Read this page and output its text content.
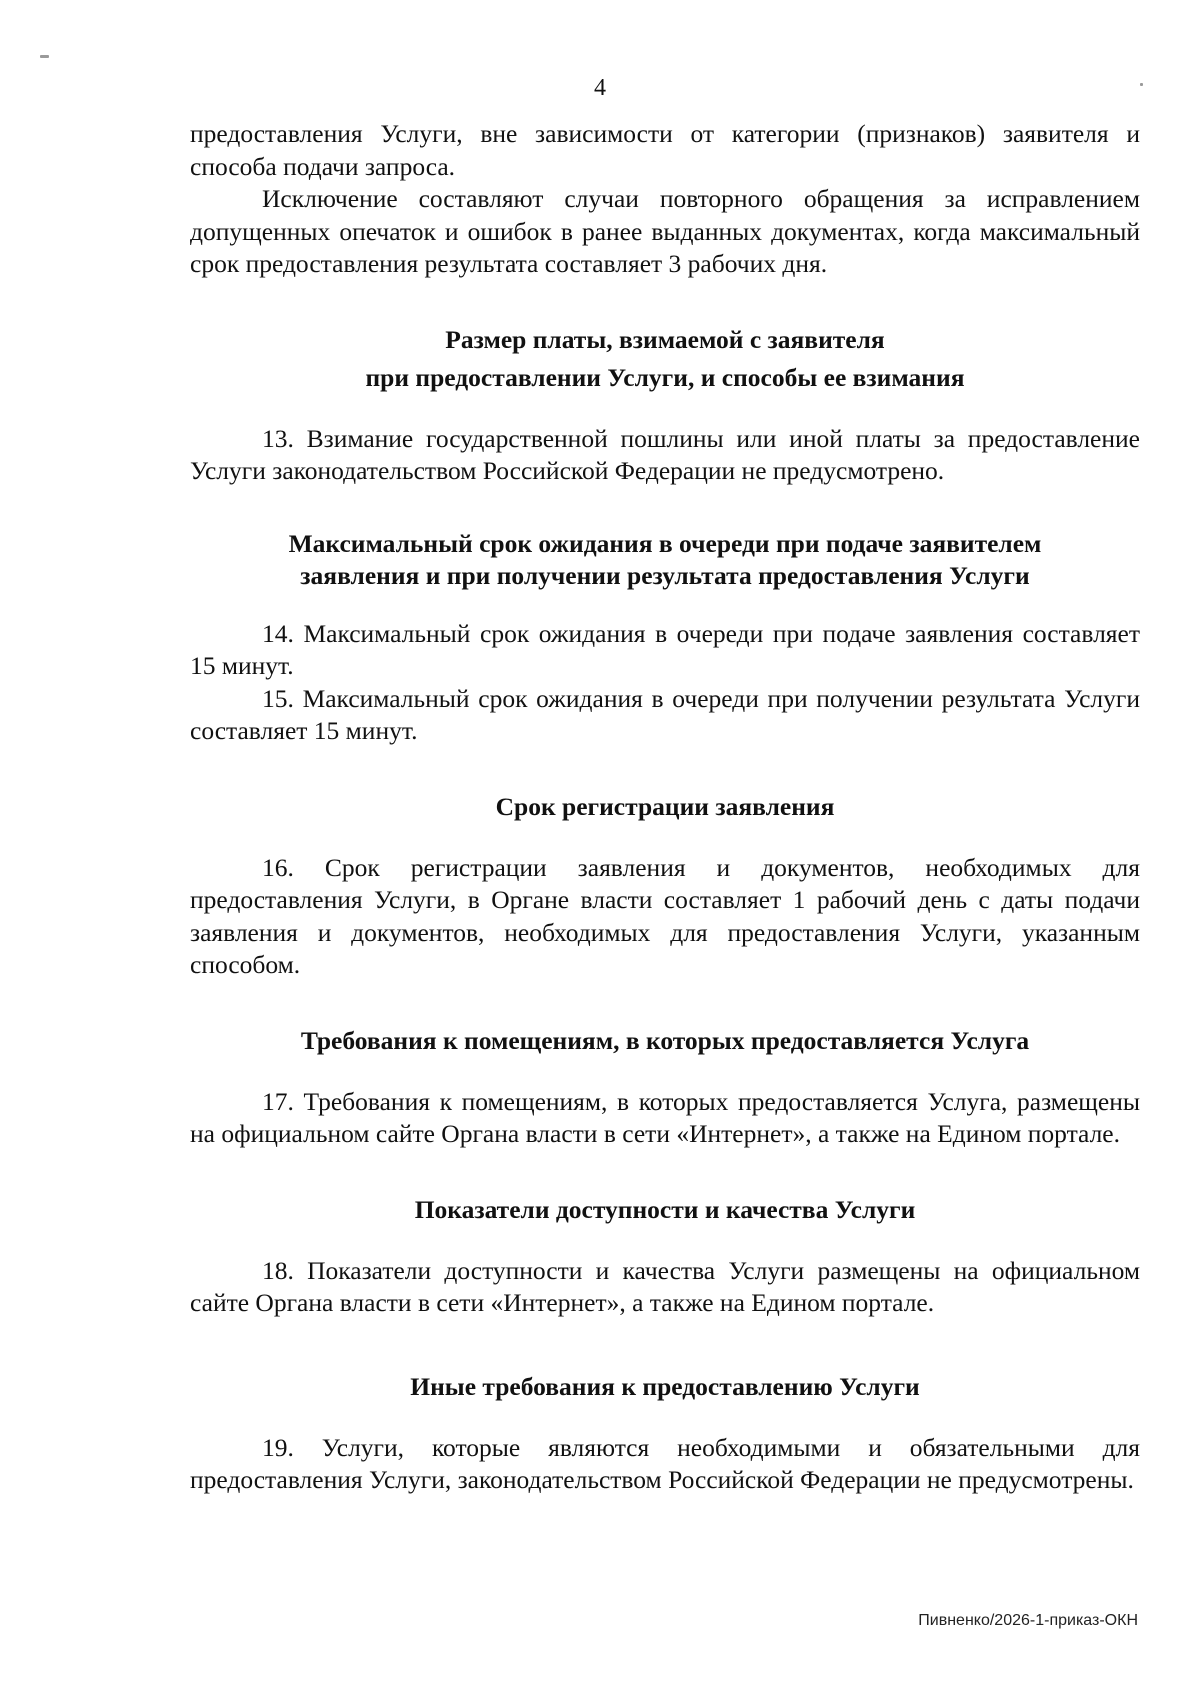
4

предоставления Услуги, вне зависимости от категории (признаков) заявителя и способа подачи запроса.

Исключение составляют случаи повторного обращения за исправлением допущенных опечаток и ошибок в ранее выданных документах, когда максимальный срок предоставления результата составляет 3 рабочих дня.

Размер платы, взимаемой с заявителя

при предоставлении Услуги, и способы ее взимания

13. Взимание государственной пошлины или иной платы за предоставление Услуги законодательством Российской Федерации не предусмотрено.

Максимальный срок ожидания в очереди при подаче заявителем

заявления и при получении результата предоставления Услуги

14. Максимальный срок ожидания в очереди при подаче заявления составляет 15 минут.

15. Максимальный срок ожидания в очереди при получении результата Услуги составляет 15 минут.

Срок регистрации заявления

16. Срок регистрации заявления и документов, необходимых для предоставления Услуги, в Органе власти составляет 1 рабочий день с даты подачи заявления и документов, необходимых для предоставления Услуги, указанным способом.

Требования к помещениям, в которых предоставляется Услуга

17. Требования к помещениям, в которых предоставляется Услуга, размещены на официальном сайте Органа власти в сети «Интернет», а также на Едином портале.

Показатели доступности и качества Услуги

18. Показатели доступности и качества Услуги размещены на официальном сайте Органа власти в сети «Интернет», а также на Едином портале.

Иные требования к предоставлению Услуги

19. Услуги, которые являются необходимыми и обязательными для предоставления Услуги, законодательством Российской Федерации не предусмотрены.

Пивненко/2026-1-приказ-ОКН
